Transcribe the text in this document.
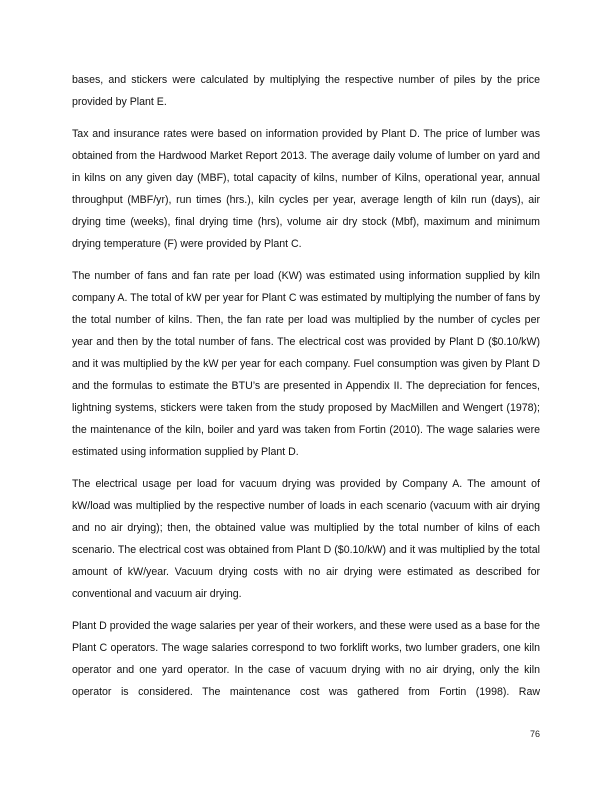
bases, and stickers were calculated by multiplying the respective number of piles by the price provided by Plant E.

Tax and insurance rates were based on information provided by Plant D. The price of lumber was obtained from the Hardwood Market Report 2013. The average daily volume of lumber on yard and in kilns on any given day (MBF), total capacity of kilns, number of Kilns, operational year, annual throughput (MBF/yr), run times (hrs.), kiln cycles per year, average length of kiln run (days), air drying time (weeks), final drying time (hrs), volume air dry stock (Mbf), maximum and minimum drying temperature (F) were provided by Plant C.

The number of fans and fan rate per load (KW) was estimated using information supplied by kiln company A. The total of kW per year for Plant C was estimated by multiplying the number of fans by the total number of kilns. Then, the fan rate per load was multiplied by the number of cycles per year and then by the total number of fans. The electrical cost was provided by Plant D ($0.10/kW) and it was multiplied by the kW per year for each company. Fuel consumption was given by Plant D and the formulas to estimate the BTU’s are presented in Appendix II. The depreciation for fences, lightning systems, stickers were taken from the study proposed by MacMillen and Wengert (1978); the maintenance of the kiln, boiler and yard was taken from Fortin (2010). The wage salaries were estimated using information supplied by Plant D.

The electrical usage per load for vacuum drying was provided by Company A. The amount of kW/load was multiplied by the respective number of loads in each scenario (vacuum with air drying and no air drying); then, the obtained value was multiplied by the total number of kilns of each scenario. The electrical cost was obtained from Plant D ($0.10/kW) and it was multiplied by the total amount of kW/year. Vacuum drying costs with no air drying were estimated as described for conventional and vacuum air drying.

Plant D provided the wage salaries per year of their workers, and these were used as a base for the Plant C operators. The wage salaries correspond to two forklift works, two lumber graders, one kiln operator and one yard operator. In the case of vacuum drying with no air drying, only the kiln operator is considered. The maintenance cost was gathered from Fortin (1998). Raw

76
